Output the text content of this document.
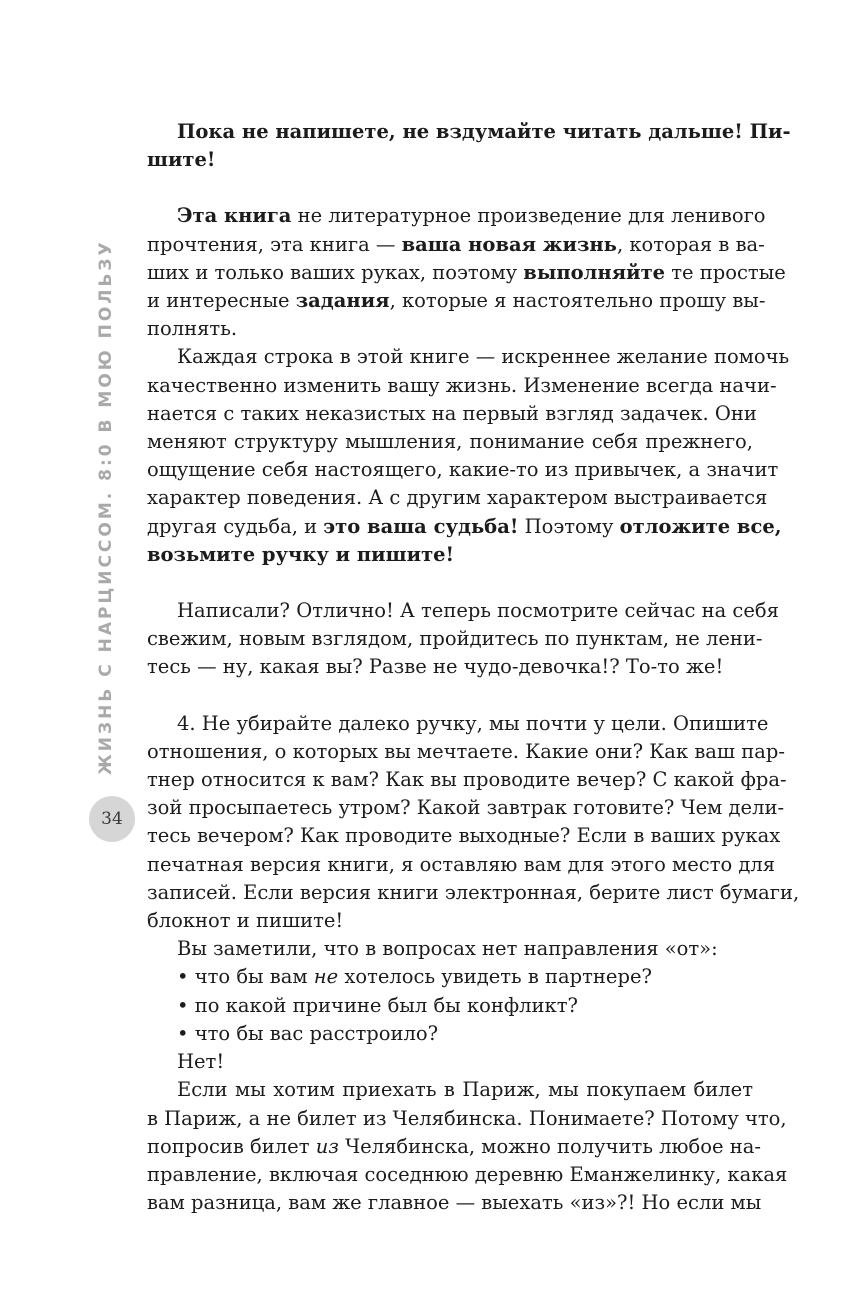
ЖИЗНЬ С НАРЦИССОМ. 8:0 В МОЮ ПОЛЬЗУ
34
Пока не напишете, не вздумайте читать дальше! Пи-
шите!
Эта книга не литературное произведение для ленивого
прочтения, эта книга — ваша новая жизнь, которая в ва-
ших и только ваших руках, поэтому выполняйте те простые
и интересные задания, которые я настоятельно прошу вы-
полнять.
Каждая строка в этой книге — искреннее желание помочь
качественно изменить вашу жизнь. Изменение всегда начи-
нается с таких неказистых на первый взгляд задачек. Они
меняют структуру мышления, понимание себя прежнего,
ощущение себя настоящего, какие-то из привычек, а значит
характер поведения. А с другим характером выстраивается
другая судьба, и это ваша судьба! Поэтому отложите все,
возьмите ручку и пишите!
Написали? Отлично! А теперь посмотрите сейчас на себя
свежим, новым взглядом, пройдитесь по пунктам, не лени-
тесь — ну, какая вы? Разве не чудо-девочка!? То-то же!
4. Не убирайте далеко ручку, мы почти у цели. Опишите
отношения, о которых вы мечтаете. Какие они? Как ваш пар-
тнер относится к вам? Как вы проводите вечер? С какой фра-
зой просыпаетесь утром? Какой завтрак готовите? Чем дели-
тесь вечером? Как проводите выходные? Если в ваших руках
печатная версия книги, я оставляю вам для этого место для
записей. Если версия книги электронная, берите лист бумаги,
блокнот и пишите!

Вы заметили, что в вопросах нет направления «от»:

• что бы вам не хотелось увидеть в партнере?

• по какой причине был бы конфликт?

• что бы вас расстроило?

Нет!

Если мы хотим приехать в Париж, мы покупаем билет
в Париж, а не билет из Челябинска. Понимаете? Потому что,
попросив билет из Челябинска, можно получить любое на-
правление, включая соседнюю деревню Еманжелинку, какая
вам разница, вам же главное — выехать «из»?! Но если мы
